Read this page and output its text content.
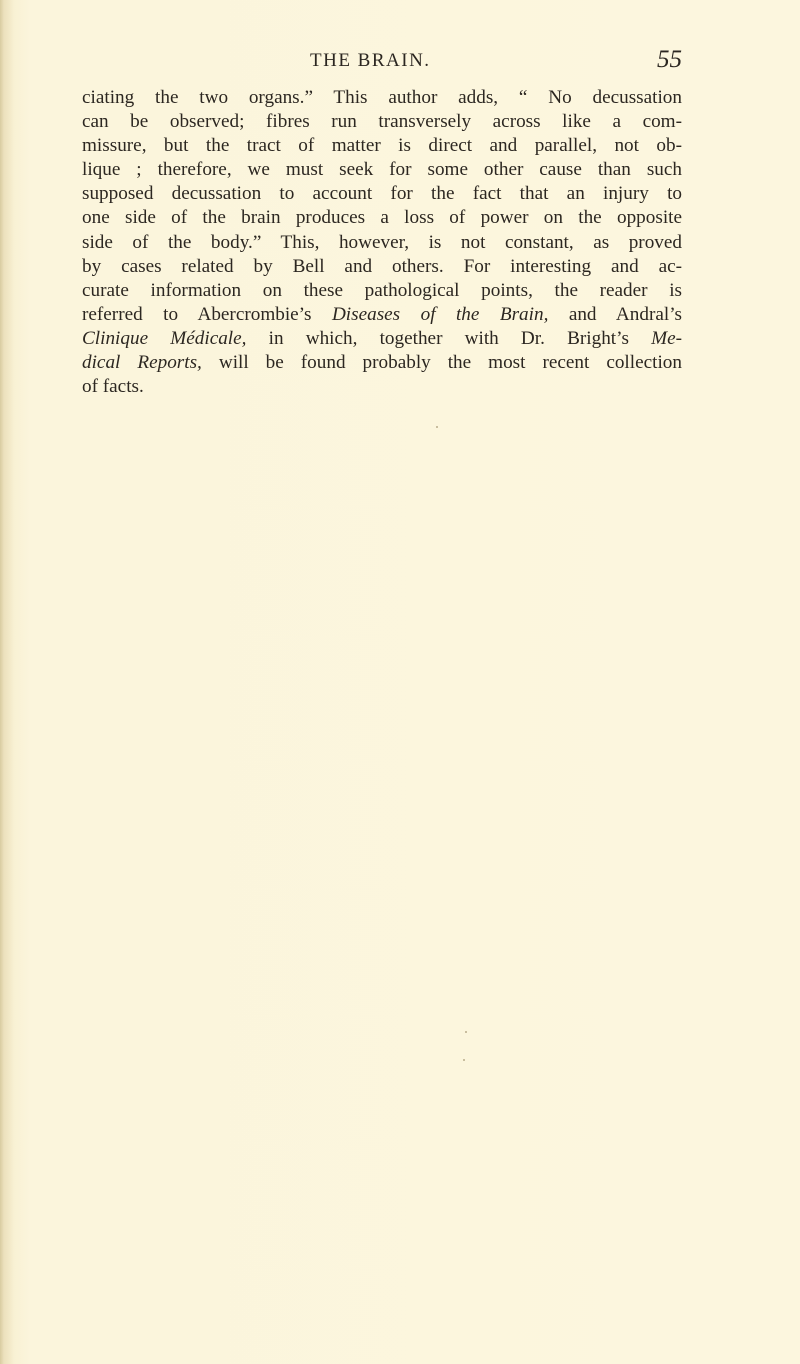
THE BRAIN.	55
ciating the two organs.” This author adds, “ No decussation
can be observed; fibres run transversely across like a com-
missure, but the tract of matter is direct and parallel, not ob-
lique ; therefore, we must seek for some other cause than such
supposed decussation to account for the fact that an injury to
one side of the brain produces a loss of power on the opposite
side of the body.” This, however, is not constant, as proved
by cases related by Bell and others. For interesting and ac-
curate information on these pathological points, the reader is
referred to Abercrombie’s Diseases of the Brain, and Andral’s
Clinique Médicale, in which, together with Dr. Bright’s Me-
dical Reports, will be found probably the most recent collection
of facts.
